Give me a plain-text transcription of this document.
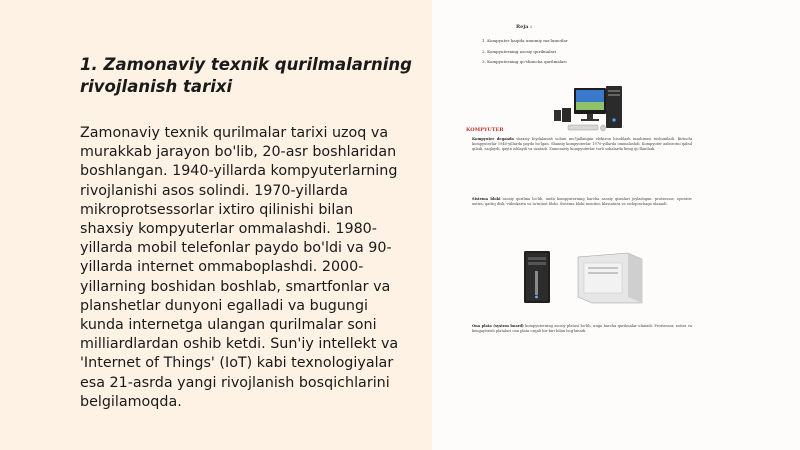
1. Zamonaviy texnik qurilmalarning rivojlanish tarixi

Zamonaviy texnik qurilmalar tarixi uzoq va murakkab jarayon bo'lib, 20-asr boshlaridan boshlangan. 1940-yillarda kompyuterlarning rivojlanishi asos solindi. 1970-yillarda mikroprotsessorlar ixtiro qilinishi bilan shaxsiy kompyuterlar ommalashdi. 1980-yillarda mobil telefonlar paydo bo'ldi va 90-yillarda internet ommaboplashdi. 2000-yillarning boshidan boshlab, smartfonlar va planshetlar dunyoni egalladi va bugungi kunda internetga ulangan qurilmalar soni milliardlardan oshib ketdi. Sun'iy intellekt va 'Internet of Things' (IoT) kabi texnologiyalar esa 21-asrda yangi rivojlanish bosqichlarini belgilamoqda.

Reja :
1. Kompyuter haqida umumiy ma'lumotlar
2. Kompyuterning asosiy qurilmalari
3. Kompyuterning qo'shimcha qurilmalari
KOMPYUTER

Kompyuter deganda shaxsiy foydalanish uchun mo'ljallangan elektron hisoblash mashinasi tushuniladi. Birinchi kompyuterlar 1940-yillarda paydo bo'lgan. Shaxsiy kompyuterlar 1970-yillarda ommalashdi. Kompyuter axborotni qabul qiladi, saqlaydi, qayta ishlaydi va uzatadi. Zamonaviy kompyuterlar turli sohalarda keng qo'llaniladi.

Sistema bloki asosiy qurilma bo'lib, unda kompyuterning barcha asosiy qismlari joylashgan: protsessor, operativ xotira, qattiq disk, videokarta va ta'minot bloki. Sistema bloki monitor, klaviatura va sichqonchaga ulanadi.

Ona plata (system board) kompyuterning asosiy platasi bo'lib, unga barcha qurilmalar ulanadi. Protsessor, xotira va kengaytirish platalari ona plata orqali bir-biri bilan bog'lanadi.
